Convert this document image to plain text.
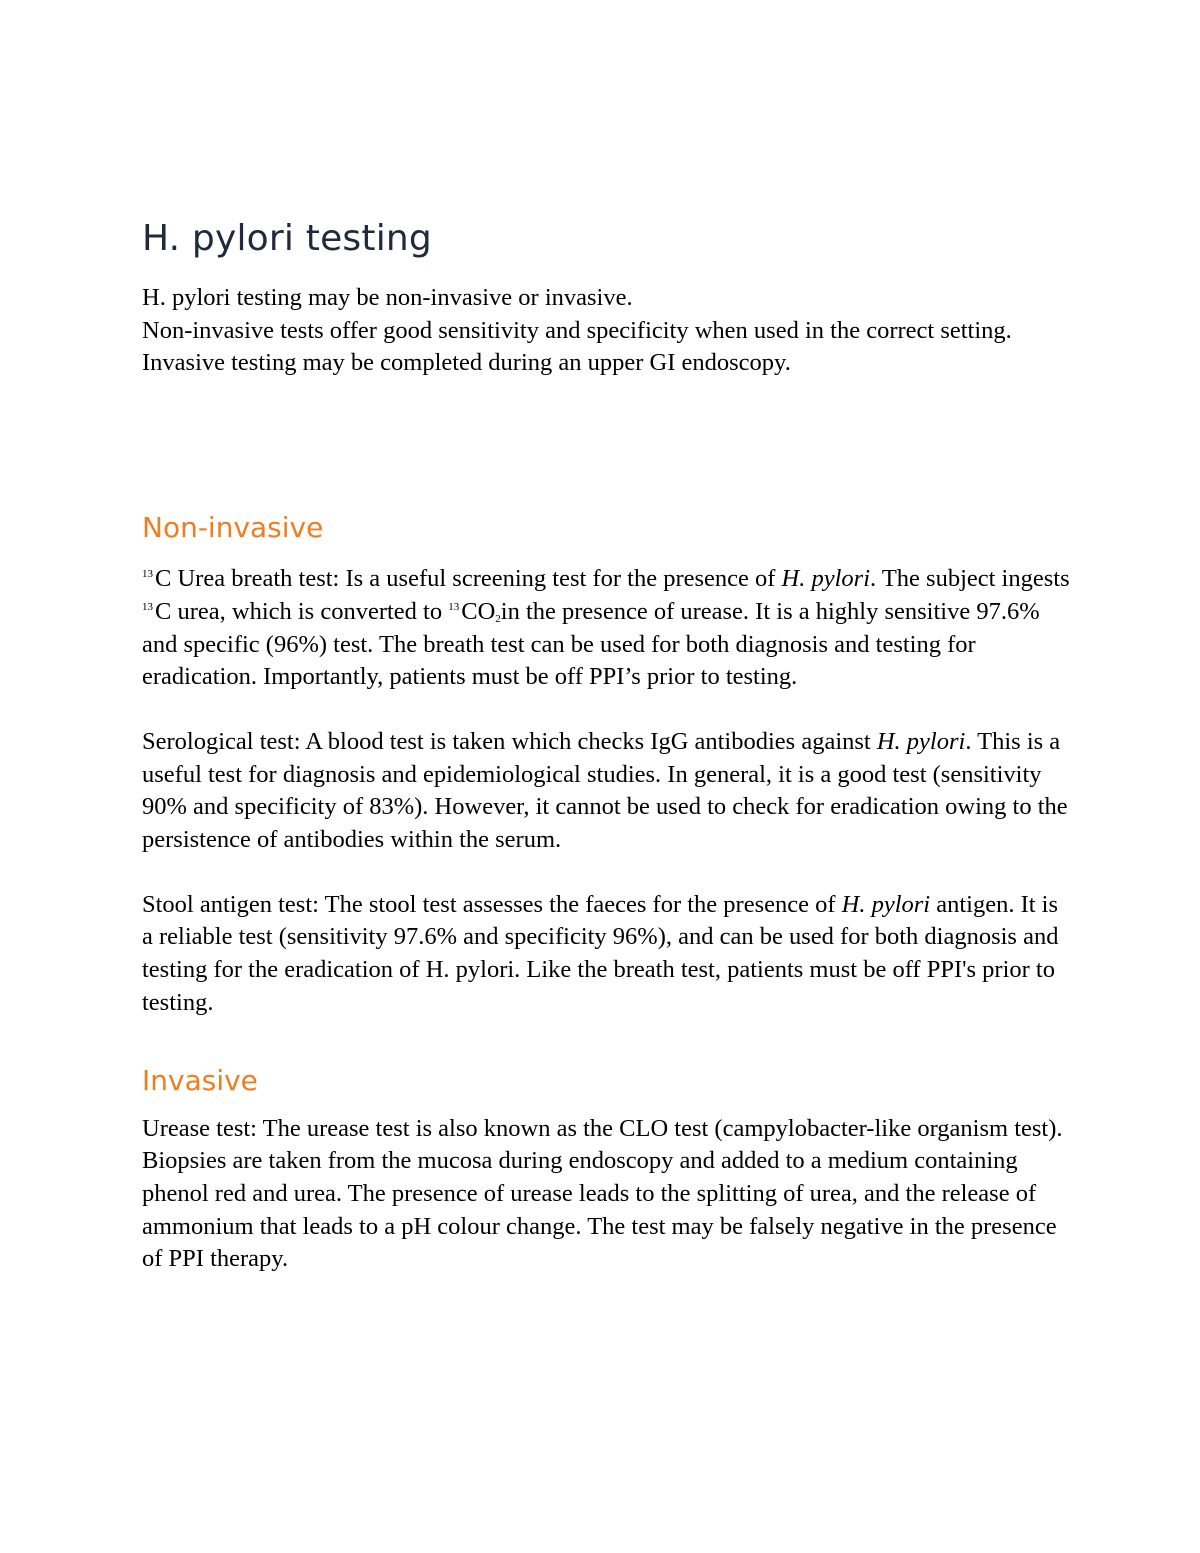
H. pylori testing

H. pylori testing may be non-invasive or invasive.
Non-invasive tests offer good sensitivity and specificity when used in the correct setting. Invasive testing may be completed during an upper GI endoscopy.

Non-invasive

$^{13}$C Urea breath test: Is a useful screening test for the presence of H. pylori. The subject ingests $^{13}$C urea, which is converted to $^{13}CO_2in$ the presence of urease. It is a highly sensitive 97.6% and specific (96%) test. The breath test can be used for both diagnosis and testing for eradication. Importantly, patients must be off PPI’s prior to testing.

Serological test: A blood test is taken which checks IgG antibodies against H. pylori. This is a useful test for diagnosis and epidemiological studies. In general, it is a good test (sensitivity 90% and specificity of 83%). However, it cannot be used to check for eradication owing to the persistence of antibodies within the serum.

Stool antigen test: The stool test assesses the faeces for the presence of H. pylori antigen. It is a reliable test (sensitivity 97.6% and specificity 96%), and can be used for both diagnosis and testing for the eradication of H. pylori. Like the breath test, patients must be off PPI's prior to testing.

Invasive

Urease test: The urease test is also known as the CLO test (campylobacter-like organism test). Biopsies are taken from the mucosa during endoscopy and added to a medium containing phenol red and urea. The presence of urease leads to the splitting of urea, and the release of ammonium that leads to a pH colour change. The test may be falsely negative in the presence of PPI therapy.
